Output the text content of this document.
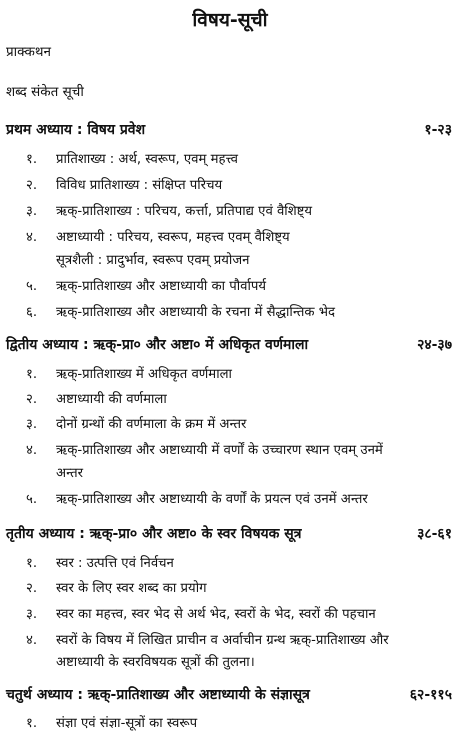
विषय-सूची
प्राक्कथन
शब्द संकेत सूची
प्रथम अध्याय : विषय प्रवेश	१-२३
१. प्रातिशाख्य : अर्थ, स्वरूप, एवम् महत्त्व
२. विविध प्रातिशाख्य : संक्षिप्त परिचय
३. ऋक्-प्रातिशाख्य : परिचय, कर्त्ता, प्रतिपाद्य एवं वैशिष्ट्य
४. अष्टाध्यायी : परिचय, स्वरूप, महत्त्व एवम् वैशिष्ट्य
सूत्रशैली : प्रादुर्भाव, स्वरूप एवम् प्रयोजन
५. ऋक्-प्रातिशाख्य और अष्टाध्यायी का पौर्वापर्य
६. ऋक्-प्रातिशाख्य और अष्टाध्यायी के रचना में सैद्धान्तिक भेद
द्वितीय अध्याय : ऋक्-प्रा० और अष्टा० में अधिकृत वर्णमाला	२४-३७
१. ऋक्-प्रातिशाख्य में अधिकृत वर्णमाला
२. अष्टाध्यायी की वर्णमाला
३. दोनों ग्रन्थों की वर्णमाला के क्रम में अन्तर
४. ऋक्-प्रातिशाख्य और अष्टाध्यायी में वर्णों के उच्चारण स्थान एवम् उनमें
अन्तर
५. ऋक्-प्रातिशाख्य और अष्टाध्यायी के वर्णों के प्रयत्न एवं उनमें अन्तर
तृतीय अध्याय : ऋक्-प्रा० और अष्टा० के स्वर विषयक सूत्र	३८-६१
१. स्वर : उत्पत्ति एवं निर्वचन
२. स्वर के लिए स्वर शब्द का प्रयोग
३. स्वर का महत्त्व, स्वर भेद से अर्थ भेद, स्वरों के भेद, स्वरों की पहचान
४. स्वरों के विषय में लिखित प्राचीन व अर्वाचीन ग्रन्थ ऋक्-प्रातिशाख्य और
अष्टाध्यायी के स्वरविषयक सूत्रों की तुलना।
चतुर्थ अध्याय : ऋक्-प्रातिशाख्य और अष्टाध्यायी के संज्ञासूत्र	६२-११५
१. संज्ञा एवं संज्ञा-सूत्रों का स्वरूप
